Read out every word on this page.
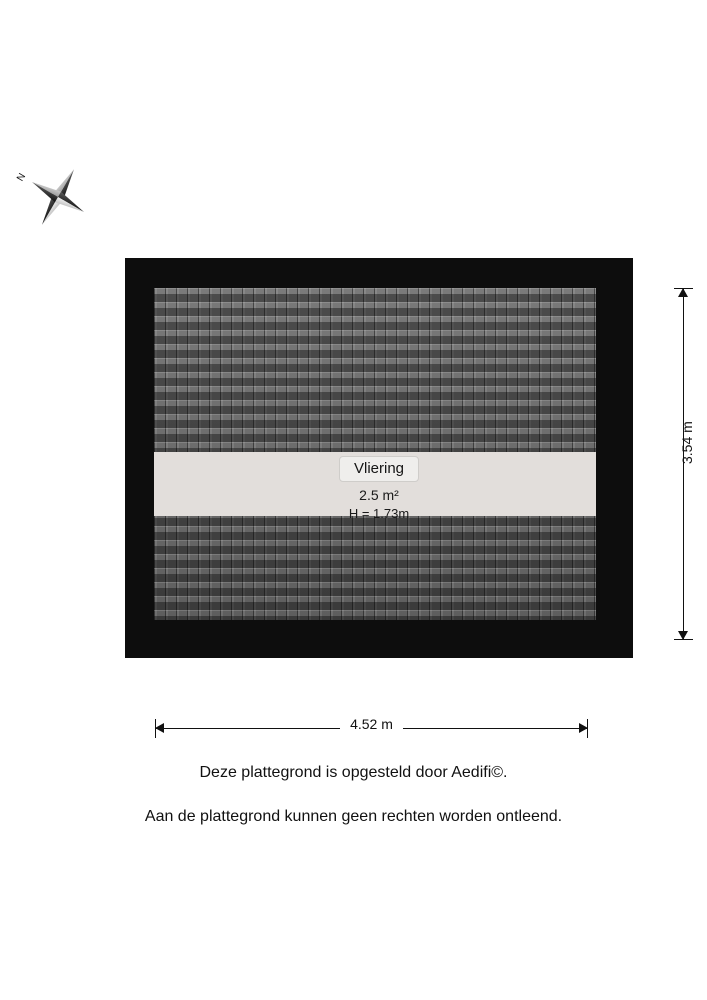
N
Vliering
2.5 m²
H = 1.73m
3.54 m
4.52 m
Deze plattegrond is opgesteld door Aedifi©.
Aan de plattegrond kunnen geen rechten worden ontleend.
